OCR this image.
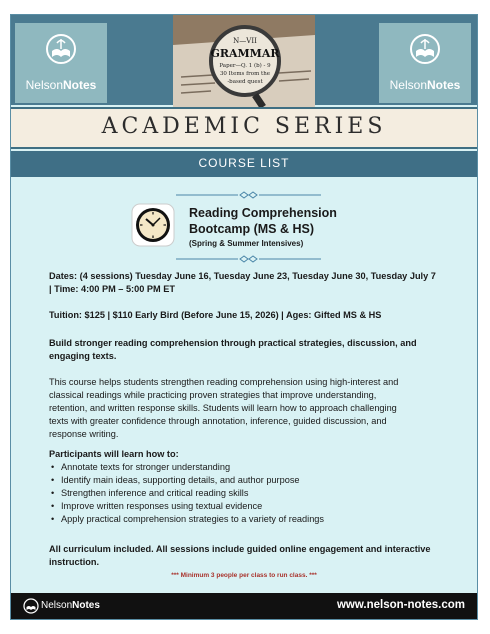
NelsonNotes
N—VII
GRAMMAR
Paper—Q. 1 (b) - 9
30 Items from the
-based quest	NelsonNotes
ACADEMIC SERIES
COURSE LIST
Reading Comprehension
Bootcamp (MS & HS)
(Spring & Summer Intensives)
Dates: (4 sessions) Tuesday June 16, Tuesday June 23, Tuesday June 30, Tuesday July 7
| Time: 4:00 PM – 5:00 PM ET
Tuition: $125 | $110 Early Bird (Before June 15, 2026) | Ages: Gifted MS & HS
Build stronger reading comprehension through practical strategies, discussion, and
engaging texts.
This course helps students strengthen reading comprehension using high-interest and
classical readings while practicing proven strategies that improve understanding,
retention, and written response skills. Students will learn how to approach challenging
texts with greater confidence through annotation, inference, guided discussion, and
response writing.
Participants will learn how to:
• Annotate texts for stronger understanding
• Identify main ideas, supporting details, and author purpose
• Strengthen inference and critical reading skills
• Improve written responses using textual evidence
• Apply practical comprehension strategies to a variety of readings
All curriculum included. All sessions include guided online engagement and interactive
instruction.
*** Minimum 3 people per class to run class. ***
NelsonNotes	www.nelson-notes.com
